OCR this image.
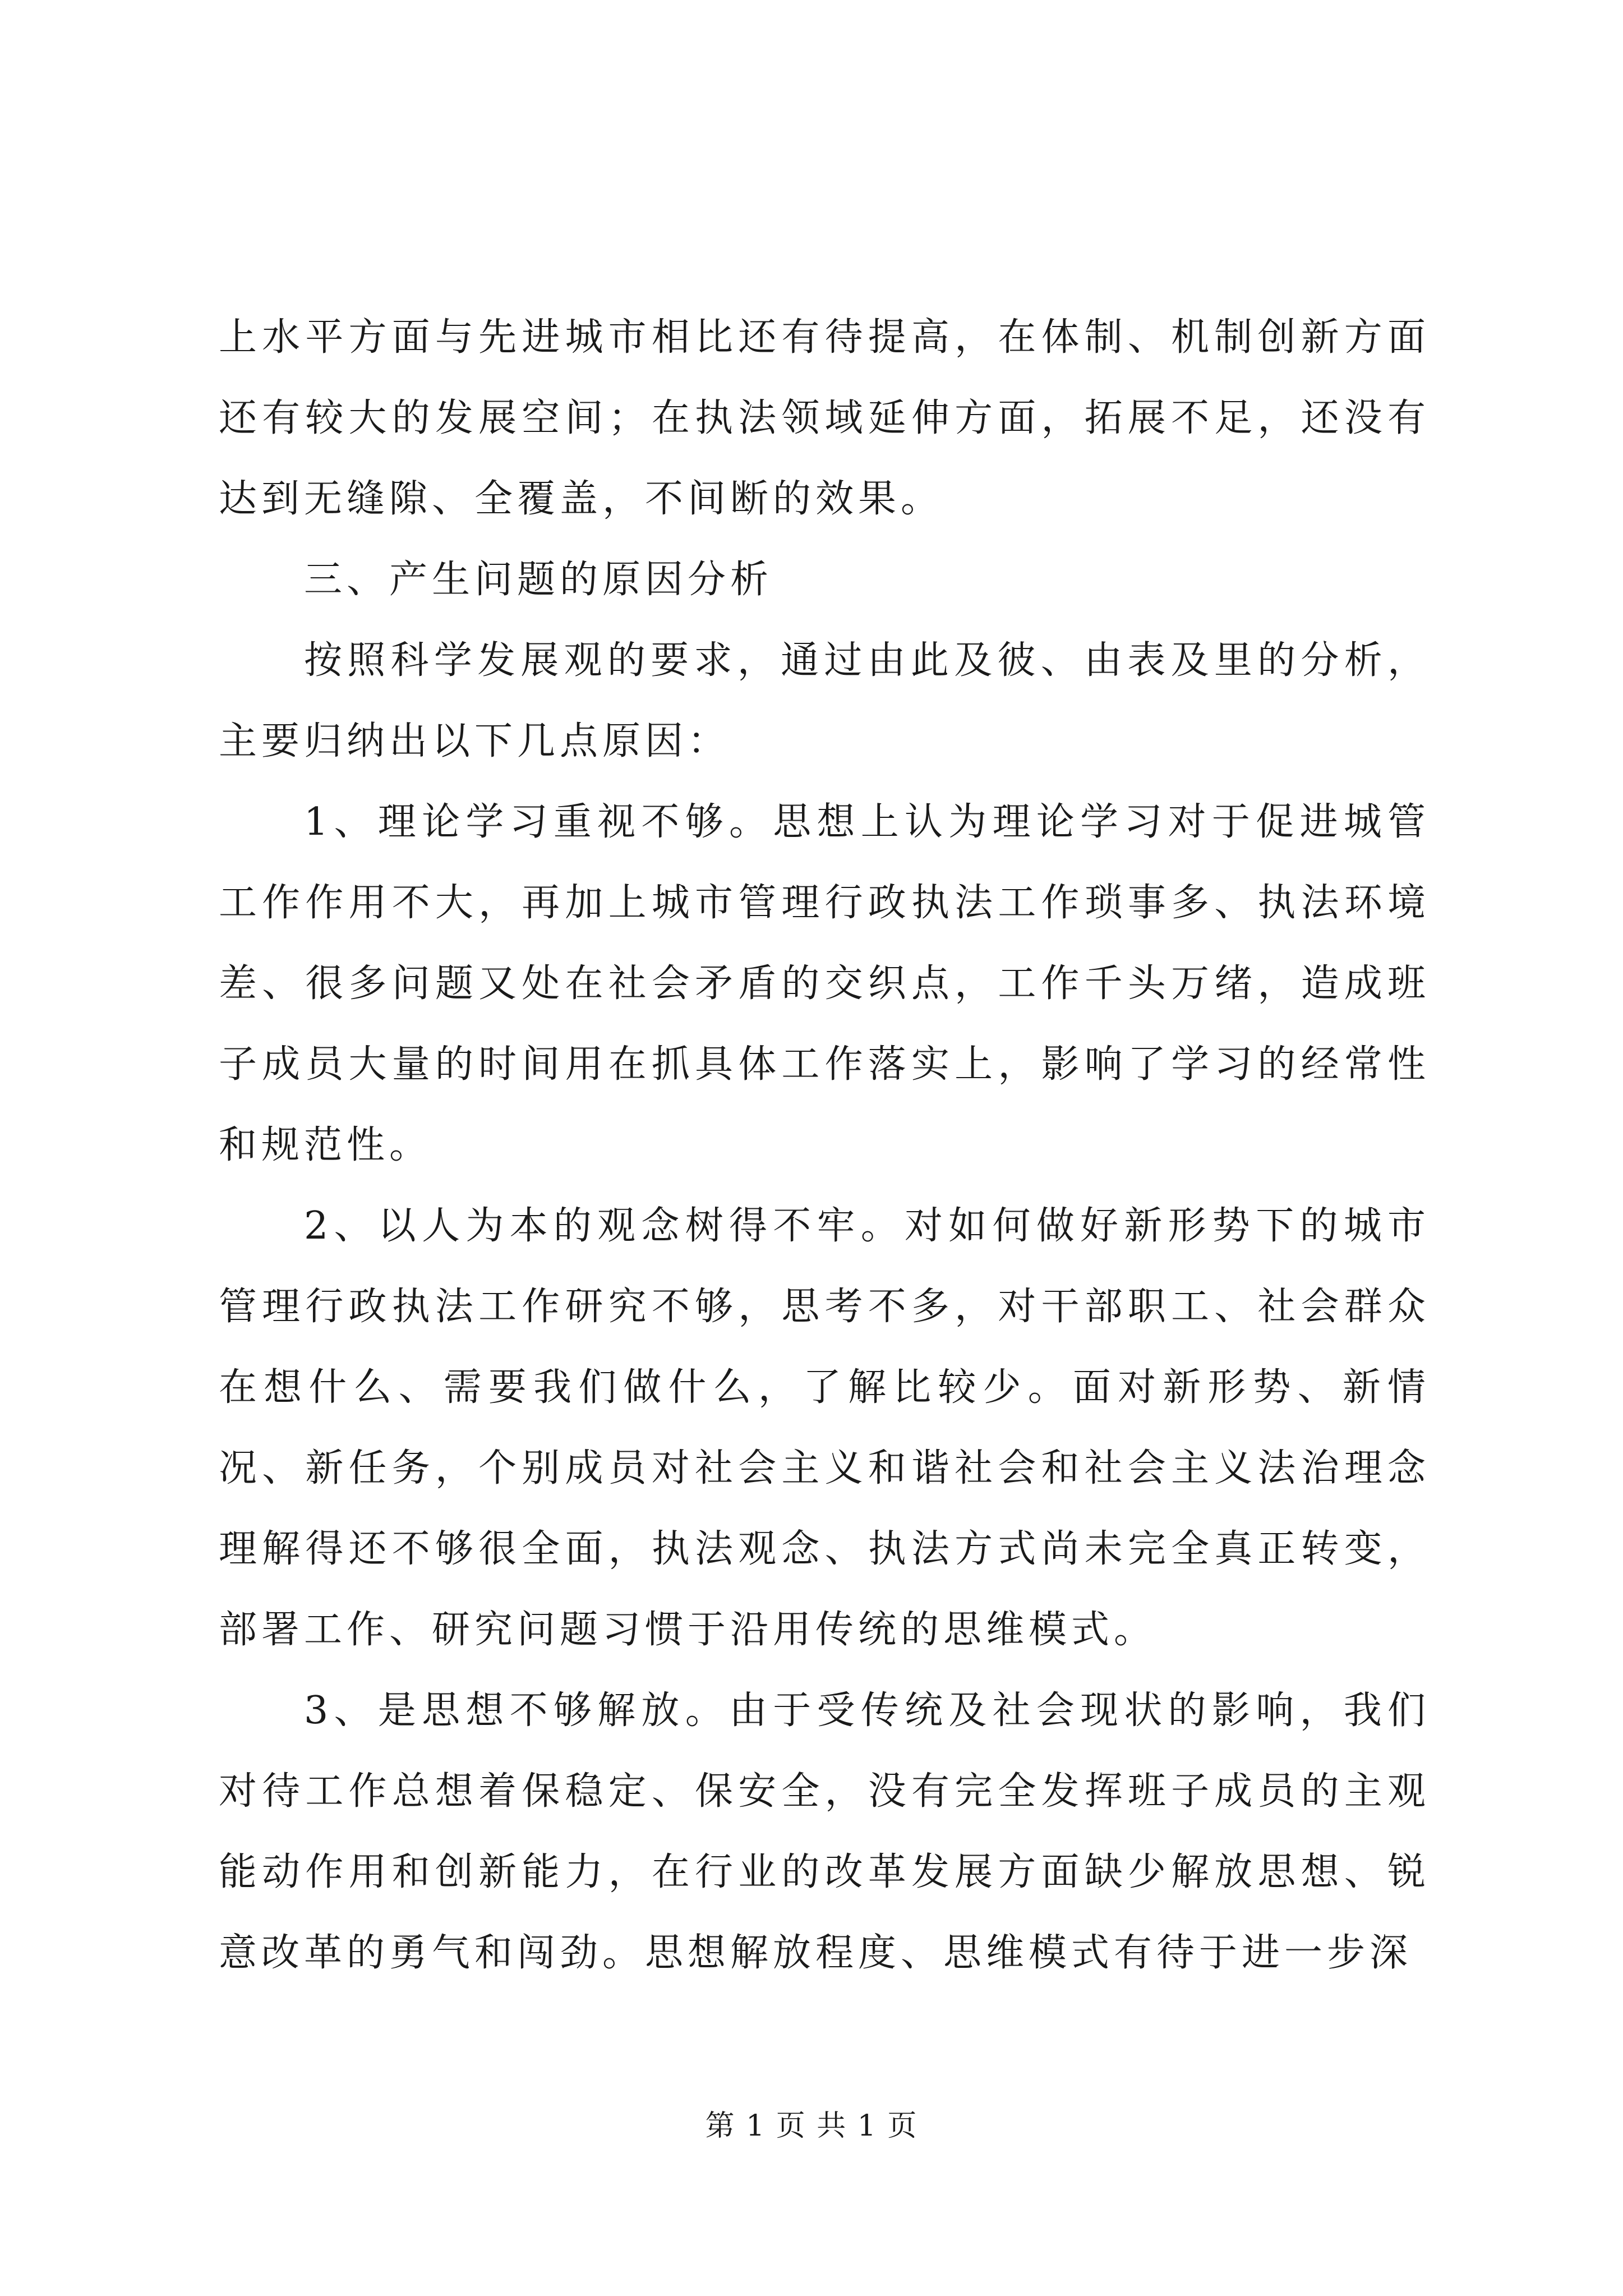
上水平方面与先进城市相比还有待提高，在体制、机制创新方面还有较大的发展空间；在执法领域延伸方面，拓展不足，还没有达到无缝隙、全覆盖，不间断的效果。

三、产生问题的原因分析

按照科学发展观的要求，通过由此及彼、由表及里的分析，主要归纳出以下几点原因：

1、理论学习重视不够。思想上认为理论学习对于促进城管工作作用不大，再加上城市管理行政执法工作琐事多、执法环境差、很多问题又处在社会矛盾的交织点，工作千头万绪，造成班子成员大量的时间用在抓具体工作落实上，影响了学习的经常性和规范性。

2、以人为本的观念树得不牢。对如何做好新形势下的城市管理行政执法工作研究不够，思考不多，对干部职工、社会群众在想什么、需要我们做什么，了解比较少。面对新形势、新情况、新任务，个别成员对社会主义和谐社会和社会主义法治理念理解得还不够很全面，执法观念、执法方式尚未完全真正转变，部署工作、研究问题习惯于沿用传统的思维模式。

3、是思想不够解放。由于受传统及社会现状的影响，我们对待工作总想着保稳定、保安全，没有完全发挥班子成员的主观能动作用和创新能力，在行业的改革发展方面缺少解放思想、锐意改革的勇气和闯劲。思想解放程度、思维模式有待于进一步深

第 1 页 共 1 页
